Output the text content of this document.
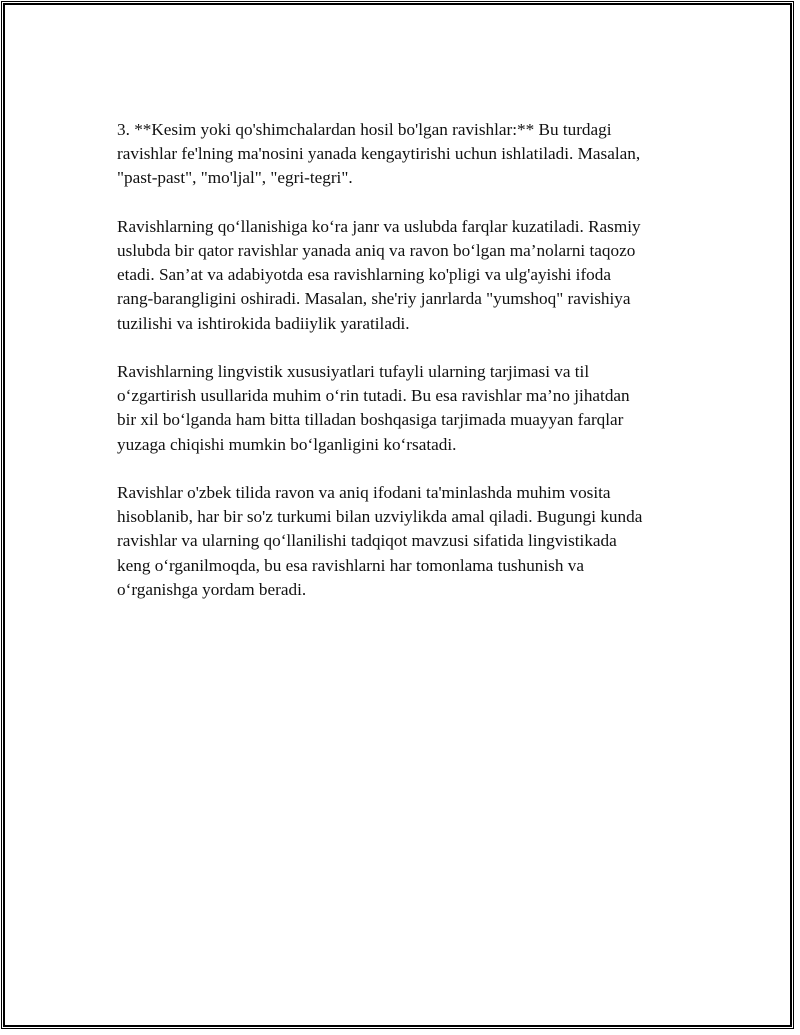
3. **Kesim yoki qo'shimchalardan hosil bo'lgan ravishlar:** Bu turdagi
ravishlar fe'lning ma'nosini yanada kengaytirishi uchun ishlatiladi. Masalan,
"past-past", "mo'ljal", "egri-tegri".

Ravishlarning qo‘llanishiga ko‘ra janr va uslubda farqlar kuzatiladi. Rasmiy
uslubda bir qator ravishlar yanada aniq va ravon bo‘lgan ma’nolarni taqozo
etadi. San’at va adabiyotda esa ravishlarning ko'pligi va ulg'ayishi ifoda
rang-barangligini oshiradi. Masalan, she'riy janrlarda "yumshoq" ravishiya
tuzilishi va ishtirokida badiiylik yaratiladi.

Ravishlarning lingvistik xususiyatlari tufayli ularning tarjimasi va til
o‘zgartirish usullarida muhim o‘rin tutadi. Bu esa ravishlar ma’no jihatdan
bir xil bo‘lganda ham bitta tilladan boshqasiga tarjimada muayyan farqlar
yuzaga chiqishi mumkin bo‘lganligini ko‘rsatadi.

Ravishlar o'zbek tilida ravon va aniq ifodani ta'minlashda muhim vosita
hisoblanib, har bir so'z turkumi bilan uzviylikda amal qiladi. Bugungi kunda
ravishlar va ularning qo‘llanilishi tadqiqot mavzusi sifatida lingvistikada
keng o‘rganilmoqda, bu esa ravishlarni har tomonlama tushunish va
o‘rganishga yordam beradi.
